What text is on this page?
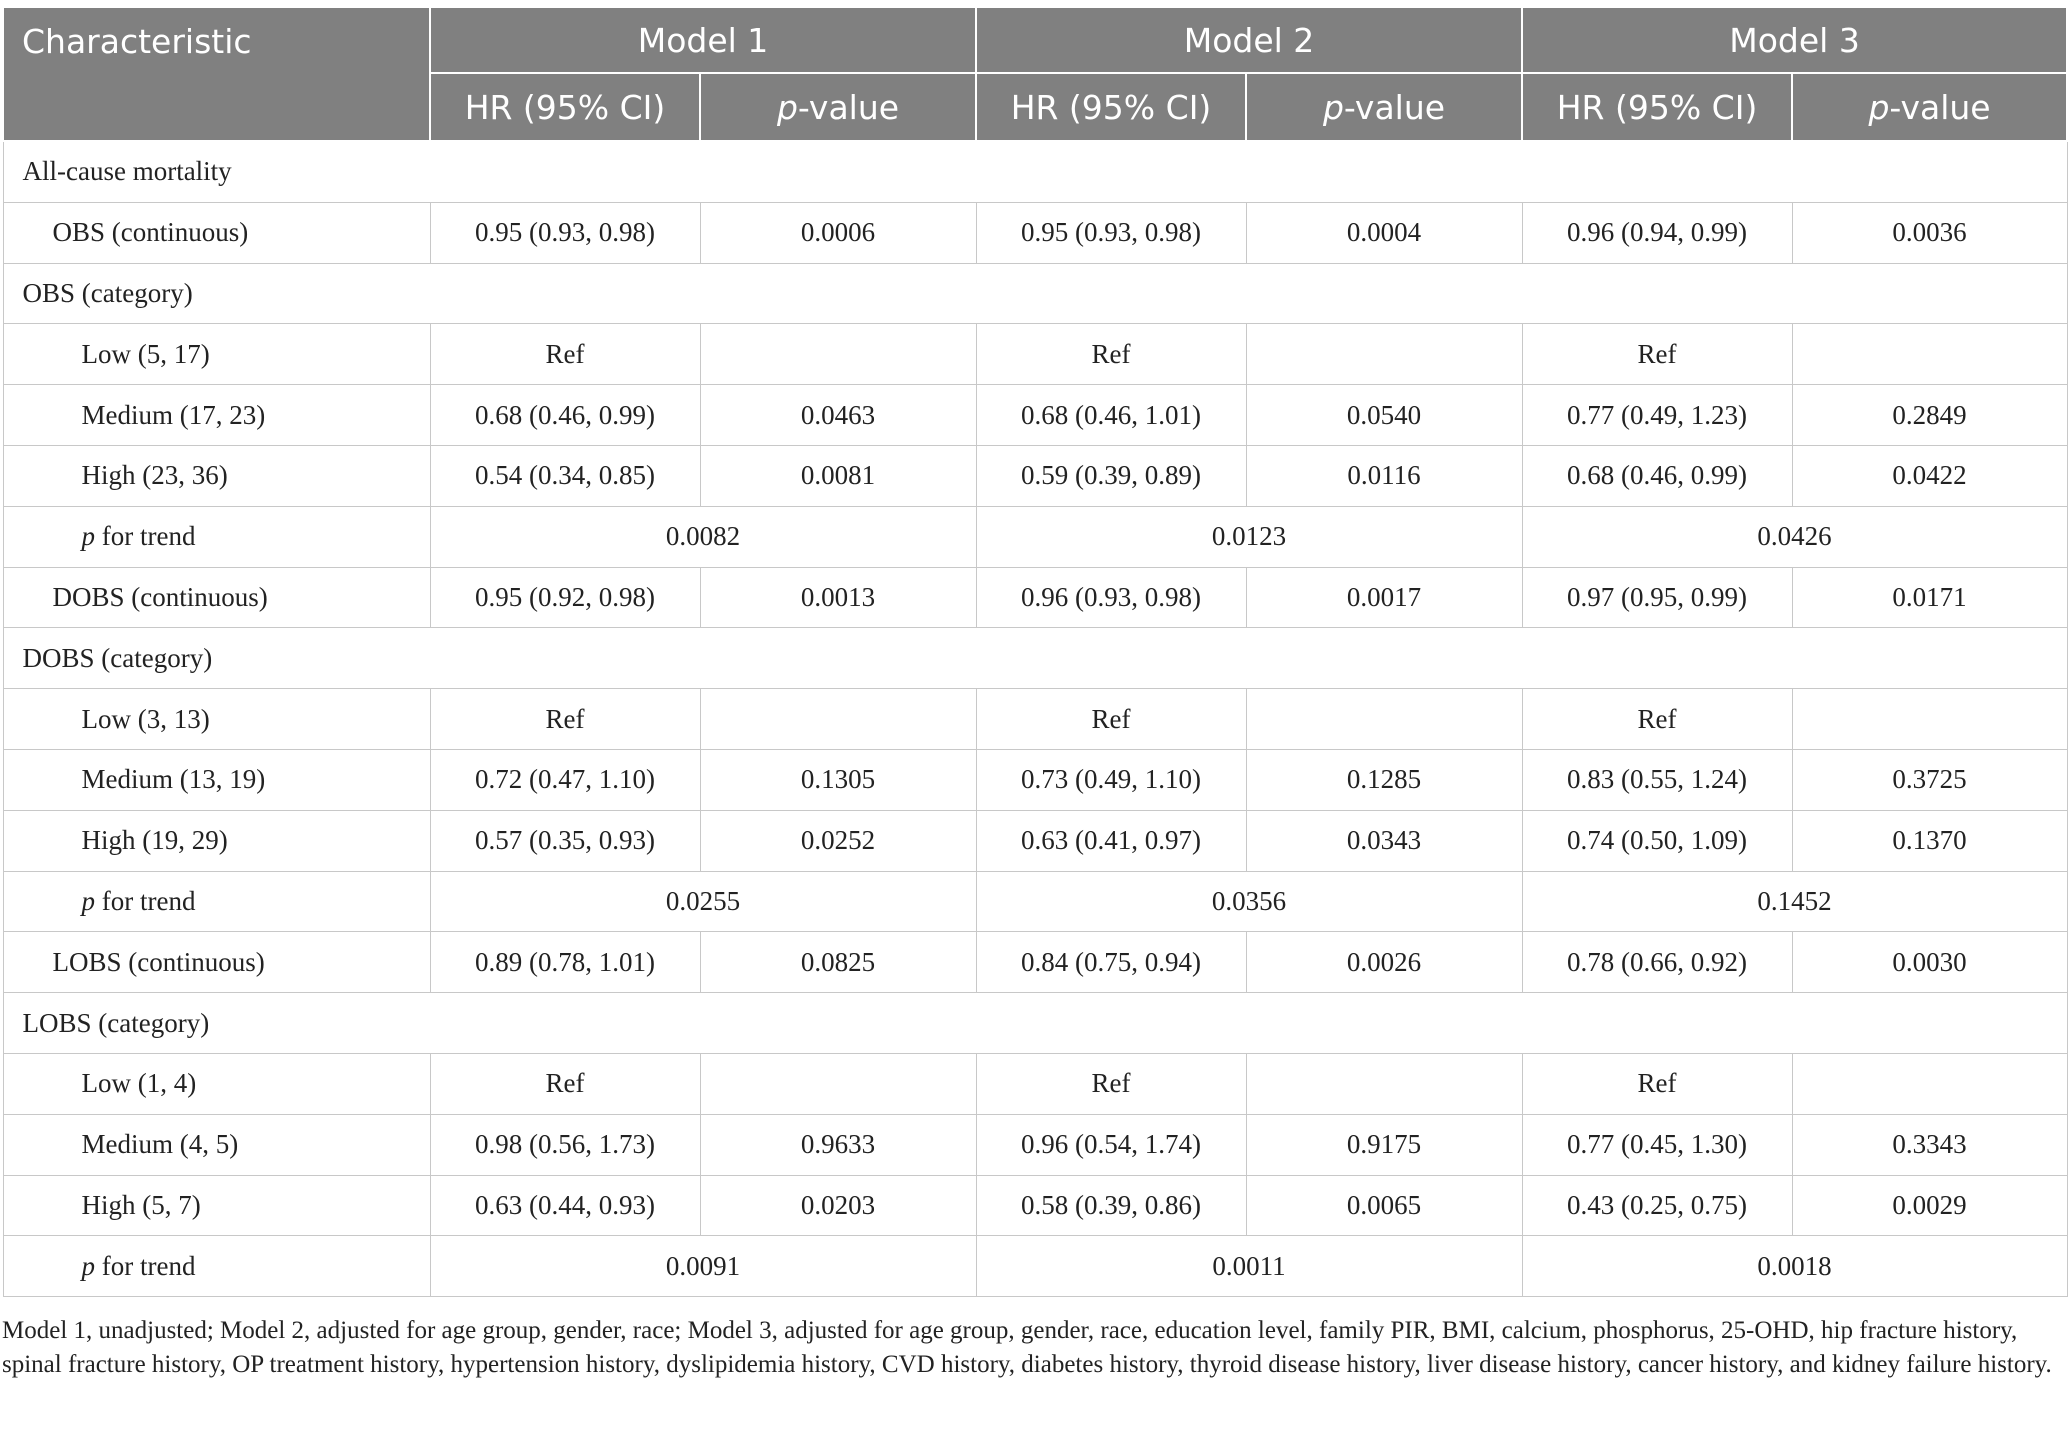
Characteristic	Model 1		Model 2		Model 3	
	HR (95% CI)	p-value	HR (95% CI)	p-value	HR (95% CI)	p-value
All-cause mortality						
OBS (continuous)	0.95 (0.93, 0.98)	0.0006	0.95 (0.93, 0.98)	0.0004	0.96 (0.94, 0.99)	0.0036
OBS (category)						
Low (5, 17)	Ref		Ref		Ref	
Medium (17, 23)	0.68 (0.46, 0.99)	0.0463	0.68 (0.46, 1.01)	0.0540	0.77 (0.49, 1.23)	0.2849
High (23, 36)	0.54 (0.34, 0.85)	0.0081	0.59 (0.39, 0.89)	0.0116	0.68 (0.46, 0.99)	0.0422
p for trend	0.0082		0.0123		0.0426	
DOBS (continuous)	0.95 (0.92, 0.98)	0.0013	0.96 (0.93, 0.98)	0.0017	0.97 (0.95, 0.99)	0.0171
DOBS (category)						
Low (3, 13)	Ref		Ref		Ref	
Medium (13, 19)	0.72 (0.47, 1.10)	0.1305	0.73 (0.49, 1.10)	0.1285	0.83 (0.55, 1.24)	0.3725
High (19, 29)	0.57 (0.35, 0.93)	0.0252	0.63 (0.41, 0.97)	0.0343	0.74 (0.50, 1.09)	0.1370
p for trend	0.0255		0.0356		0.1452	
LOBS (continuous)	0.89 (0.78, 1.01)	0.0825	0.84 (0.75, 0.94)	0.0026	0.78 (0.66, 0.92)	0.0030
LOBS (category)						
Low (1, 4)	Ref		Ref		Ref	
Medium (4, 5)	0.98 (0.56, 1.73)	0.9633	0.96 (0.54, 1.74)	0.9175	0.77 (0.45, 1.30)	0.3343
High (5, 7)	0.63 (0.44, 0.93)	0.0203	0.58 (0.39, 0.86)	0.0065	0.43 (0.25, 0.75)	0.0029
p for trend	0.0091		0.0011		0.0018	
Model 1, unadjusted; Model 2, adjusted for age group, gender, race; Model 3, adjusted for age group, gender, race, education level, family PIR, BMI, calcium, phosphorus, 25-OHD, hip fracture history, spinal fracture history, OP treatment history, hypertension history, dyslipidemia history, CVD history, diabetes history, thyroid disease history, liver disease history, cancer history, and kidney failure history.
